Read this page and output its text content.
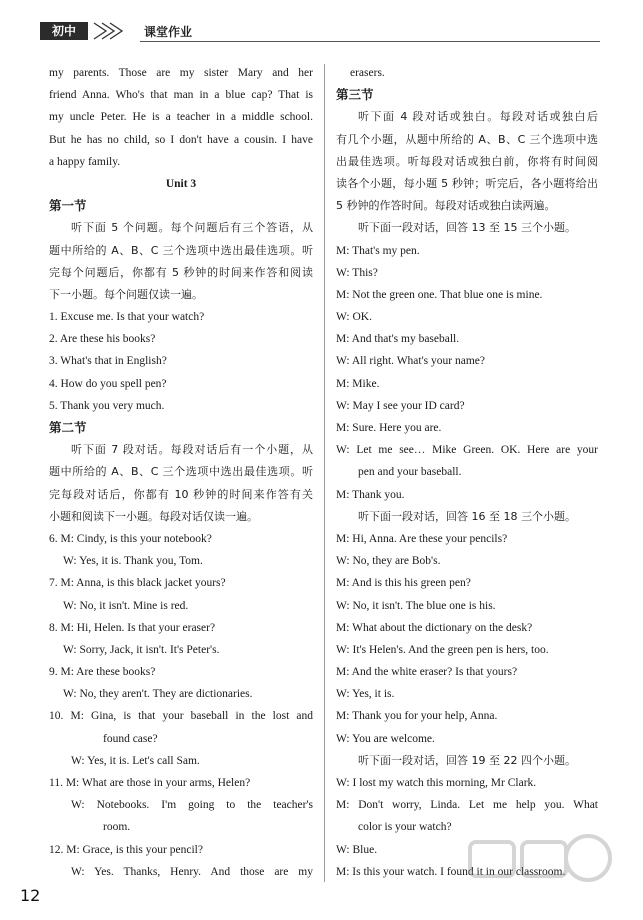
初中	课堂作业
my parents. Those are my sister Mary and her
friend Anna. Who's that man in a blue cap? That is
my uncle Peter. He is a teacher in a middle school.
But he has no child, so I don't have a cousin. I have
a happy family.
Unit 3
第一节
听下面 5 个问题。每个问题后有三个答语，从
题中所给的 A、B、C 三个选项中选出最佳选项。听
完每个问题后，你都有 5 秒钟的时间来作答和阅读
下一小题。每个问题仅读一遍。
1. Excuse me. Is that your watch?
2. Are these his books?
3. What's that in English?
4. How do you spell pen?
5. Thank you very much.
第二节
听下面 7 段对话。每段对话后有一个小题，从
题中所给的 A、B、C 三个选项中选出最佳选项。听
完每段对话后，你都有 10 秒钟的时间来作答有关
小题和阅读下一小题。每段对话仅读一遍。
6. M: Cindy, is this your notebook?
W: Yes, it is. Thank you, Tom.
7. M: Anna, is this black jacket yours?
W: No, it isn't. Mine is red.
8. M: Hi, Helen. Is that your eraser?
W: Sorry, Jack, it isn't. It's Peter's.
9. M: Are these books?
W: No, they aren't. They are dictionaries.
10. M: Gina, is that your baseball in the lost and
found case?
W: Yes, it is. Let's call Sam.
11. M: What are those in your arms, Helen?
W: Notebooks. I'm going to the teacher's
room.
12. M: Grace, is this your pencil?
W: Yes. Thanks, Henry. And those are my
erasers.
第三节
听下面 4 段对话或独白。每段对话或独白后
有几个小题，从题中所给的 A、B、C 三个选项中选
出最佳选项。听每段对话或独白前，你将有时间阅
读各个小题，每小题 5 秒钟；听完后，各小题将给出
5 秒钟的作答时间。每段对话或独白读两遍。
听下面一段对话，回答 13 至 15 三个小题。
M: That's my pen.
W: This?
M: Not the green one. That blue one is mine.
W: OK.
M: And that's my baseball.
W: All right. What's your name?
M: Mike.
W: May I see your ID card?
M: Sure. Here you are.
W: Let me see… Mike Green. OK. Here are your
pen and your baseball.
M: Thank you.
听下面一段对话，回答 16 至 18 三个小题。
M: Hi, Anna. Are these your pencils?
W: No, they are Bob's.
M: And is this his green pen?
W: No, it isn't. The blue one is his.
M: What about the dictionary on the desk?
W: It's Helen's. And the green pen is hers, too.
M: And the white eraser? Is that yours?
W: Yes, it is.
M: Thank you for your help, Anna.
W: You are welcome.
听下面一段对话，回答 19 至 22 四个小题。
W: I lost my watch this morning, Mr Clark.
M: Don't worry, Linda. Let me help you. What
color is your watch?
W: Blue.
M: Is this your watch. I found it in our classroom.
12
